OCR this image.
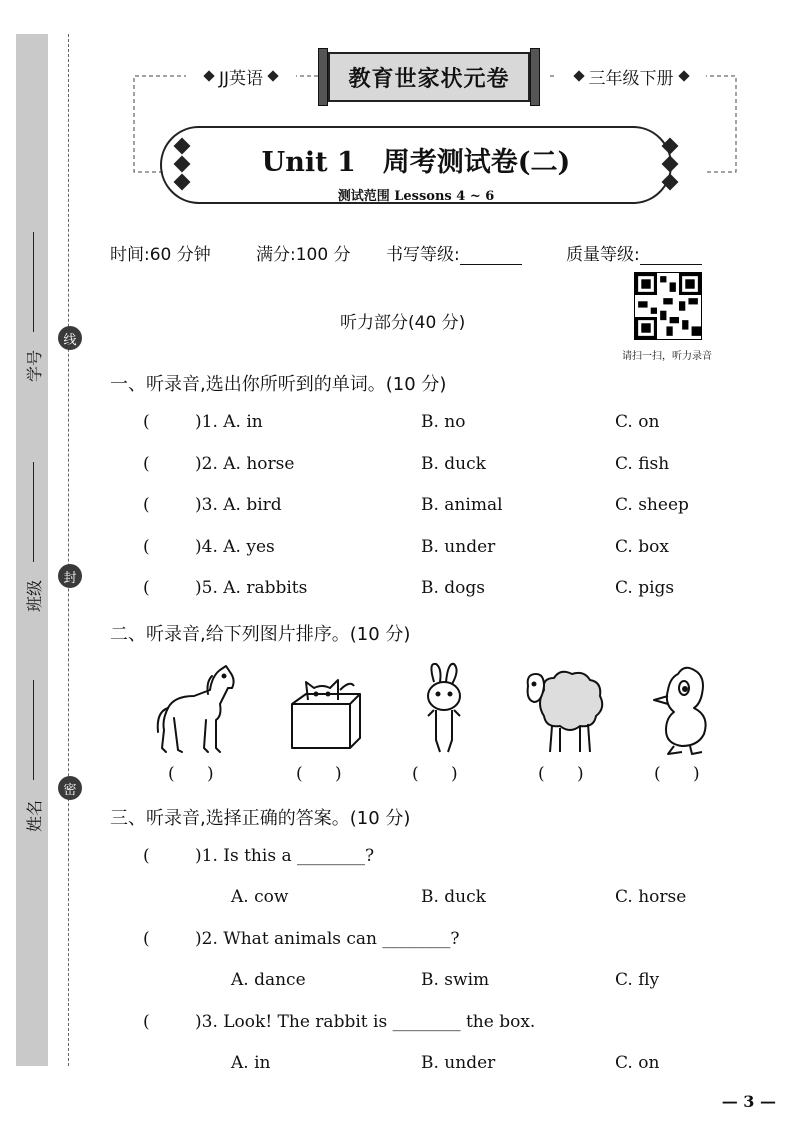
学号
班级
姓名
线
封
密
JJ英语	教育世家状元卷	三年级下册
Unit 1　周考测试卷(二)
测试范围 Lessons 4 ~ 6
时间:60 分钟	满分:100 分 书写等级:	质量等级:
听力部分(40 分)
请扫一扫，听力录音
一、听录音,选出你所听到的单词。(10 分)
(	)1. A. in	B. no	C. on
(	)2. A. horse	B. duck	C. fish
(	)3. A. bird	B. animal	C. sheep
(	)4. A. yes	B. under	C. box
(	)5. A. rabbits	B. dogs	C. pigs
二、听录音,给下列图片排序。(10 分)
(      )	(      )	(      )	(      )	(      )
三、听录音,选择正确的答案。(10 分)
(	)1. Is this a ________?
A. cow	B. duck	C. horse
(	)2. What animals can ________?
A. dance	B. swim	C. fly
(	)3. Look! The rabbit is ________ the box.
A. in	B. under	C. on
— 3 —
